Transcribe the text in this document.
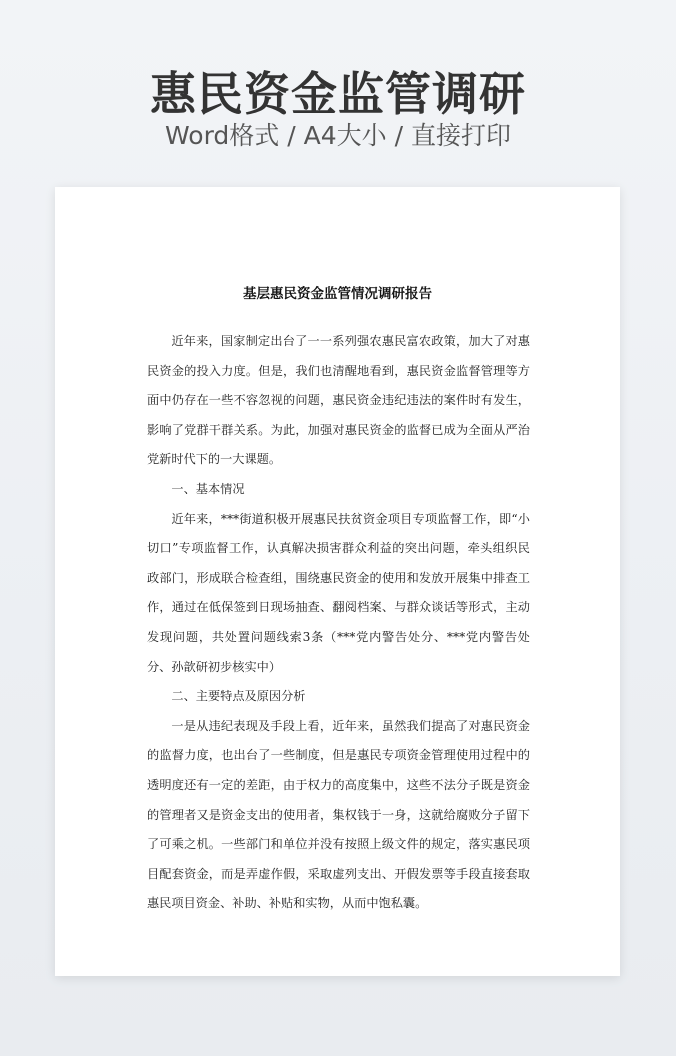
惠民资金监管调研
Word格式 / A4大小 / 直接打印
基层惠民资金监管情况调研报告

近年来，国家制定出台了一一系列强农惠民富农政策，加大了对惠民资金的投入力度。但是，我们也清醒地看到，惠民资金监督管理等方面中仍存在一些不容忽视的问题，惠民资金违纪违法的案件时有发生，影响了党群干群关系。为此，加强对惠民资金的监督已成为全面从严治党新时代下的一大课题。

一、基本情况

近年来，***街道积极开展惠民扶贫资金项目专项监督工作，即“小切口”专项监督工作，认真解决损害群众利益的突出问题，牵头组织民政部门，形成联合检查组，围绕惠民资金的使用和发放开展集中排查工作，通过在低保签到日现场抽查、翻阅档案、与群众谈话等形式，主动发现问题，共处置问题线索3条（***党内警告处分、***党内警告处分、孙歆研初步核实中）

二、主要特点及原因分析

一是从违纪表现及手段上看，近年来，虽然我们提高了对惠民资金的监督力度，也出台了一些制度，但是惠民专项资金管理使用过程中的透明度还有一定的差距，由于权力的高度集中，这些不法分子既是资金的管理者又是资金支出的使用者，集权钱于一身，这就给腐败分子留下了可乘之机。一些部门和单位并没有按照上级文件的规定，落实惠民项目配套资金，而是弄虚作假，采取虚列支出、开假发票等手段直接套取惠民项目资金、补助、补贴和实物，从而中饱私囊。
